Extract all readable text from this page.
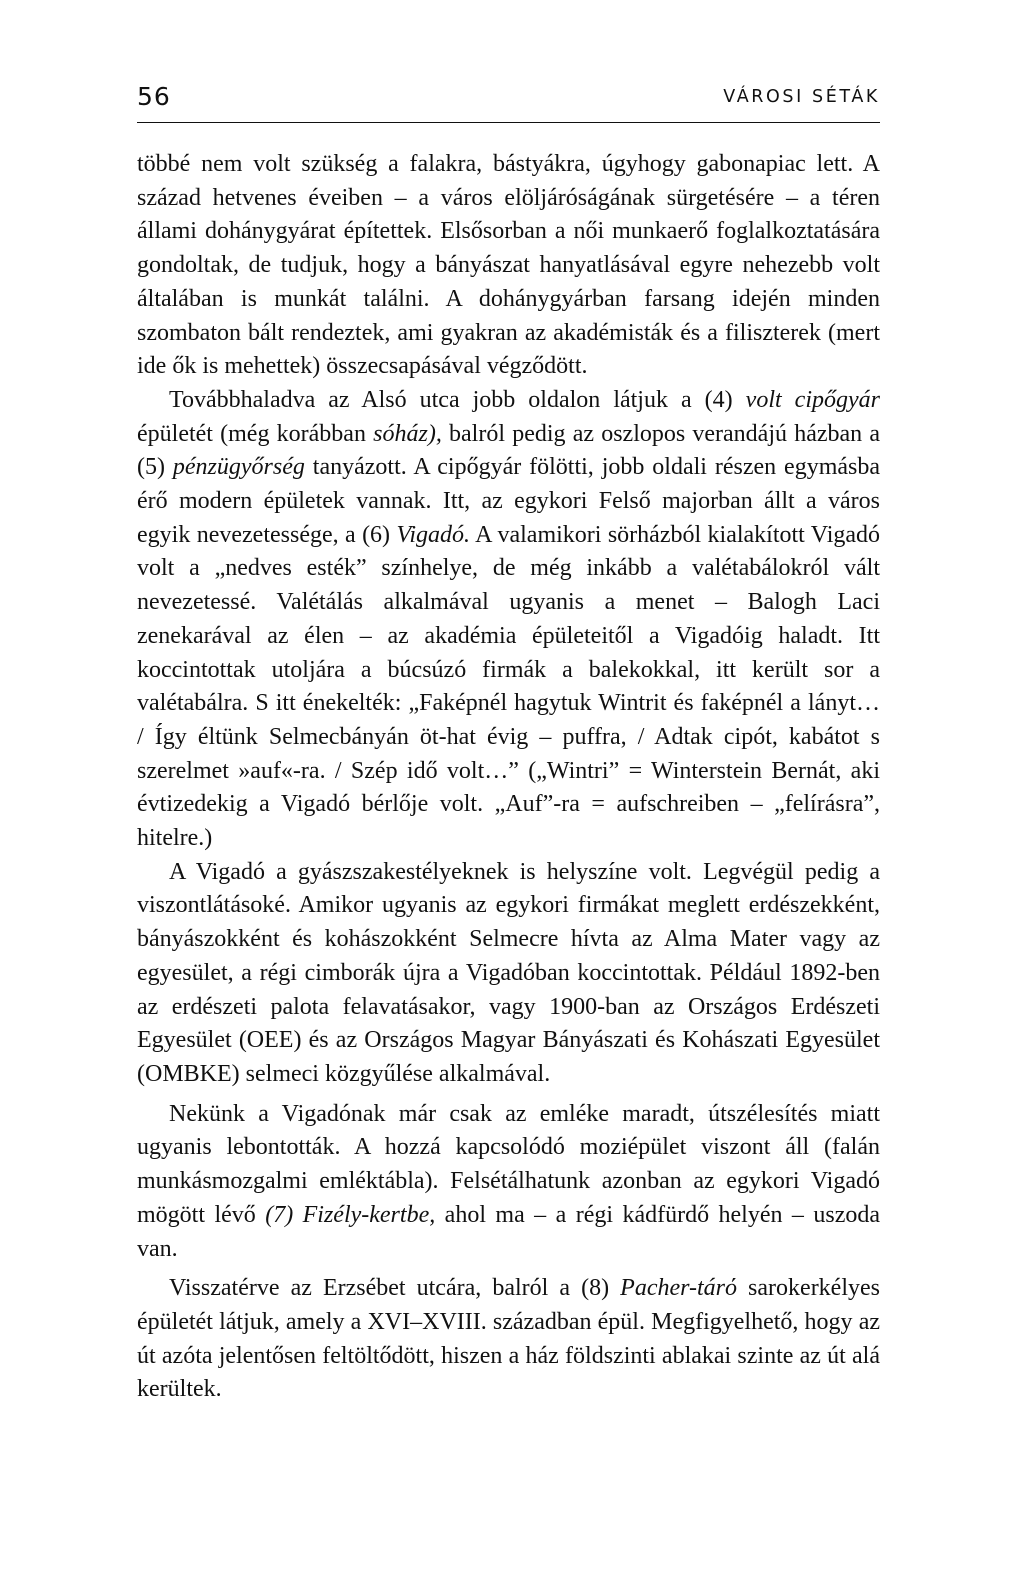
56	VÁROSI SÉTÁK

többé nem volt szükség a falakra, bástyákra, úgyhogy gabonapiac lett. A század hetvenes éveiben – a város elöljáróságának sürgetésére – a téren állami dohánygyárat építettek. Elsősorban a női munkaerő foglalkoztatására gondoltak, de tudjuk, hogy a bányászat hanyatlásával egyre nehezebb volt általában is munkát találni. A dohánygyárban farsang idején minden szombaton bált rendeztek, ami gyakran az akadémisták és a filiszterek (mert ide ők is mehettek) összecsapásával végződött.

Továbbhaladva az Alsó utca jobb oldalon látjuk a (4) volt cipőgyár épületét (még korábban sóház), balról pedig az oszlopos verandájú házban a (5) pénzügyőrség tanyázott. A cipőgyár fölötti, jobb oldali részen egymásba érő modern épületek vannak. Itt, az egykori Felső majorban állt a város egyik nevezetessége, a (6) Vigadó. A valamikori sörházból kialakított Vigadó volt a „nedves esték” színhelye, de még inkább a valétabálokról vált nevezetessé. Valétálás alkalmával ugyanis a menet – Balogh Laci zenekarával az élen – az akadémia épületeitől a Vigadóig haladt. Itt koccintottak utoljára a búcsúzó firmák a balekokkal, itt került sor a valétabálra. S itt énekelték: „Faképnél hagytuk Wintrit és faképnél a lányt… / Így éltünk Selmecbányán öt-hat évig – puffra, / Adtak cipót, kabátot s szerelmet »auf«-ra. / Szép idő volt…” („Wintri” = Winterstein Bernát, aki évtizedekig a Vigadó bérlője volt. „Auf”-ra = aufschreiben – „felírásra”, hitelre.)

A Vigadó a gyászszakestélyeknek is helyszíne volt. Legvégül pedig a viszontlátásoké. Amikor ugyanis az egykori firmákat meglett erdészekként, bányászokként és kohászokként Selmecre hívta az Alma Mater vagy az egyesület, a régi cimborák újra a Vigadóban koccintottak. Például 1892-ben az erdészeti palota felavatásakor, vagy 1900-ban az Országos Erdészeti Egyesület (OEE) és az Országos Magyar Bányászati és Kohászati Egyesület (OMBKE) selmeci közgyűlése alkalmával.

Nekünk a Vigadónak már csak az emléke maradt, útszélesítés miatt ugyanis lebontották. A hozzá kapcsolódó moziépület viszont áll (falán munkásmozgalmi emléktábla). Felsétálhatunk azonban az egykori Vigadó mögött lévő (7) Fizély-kertbe, ahol ma – a régi kádfürdő helyén – uszoda van.

Visszatérve az Erzsébet utcára, balról a (8) Pacher-tárό sarokerkélyes épületét látjuk, amely a XVI–XVIII. században épül. Megfigyelhető, hogy az út azóta jelentősen feltöltődött, hiszen a ház földszinti ablakai szinte az út alá kerültek.
